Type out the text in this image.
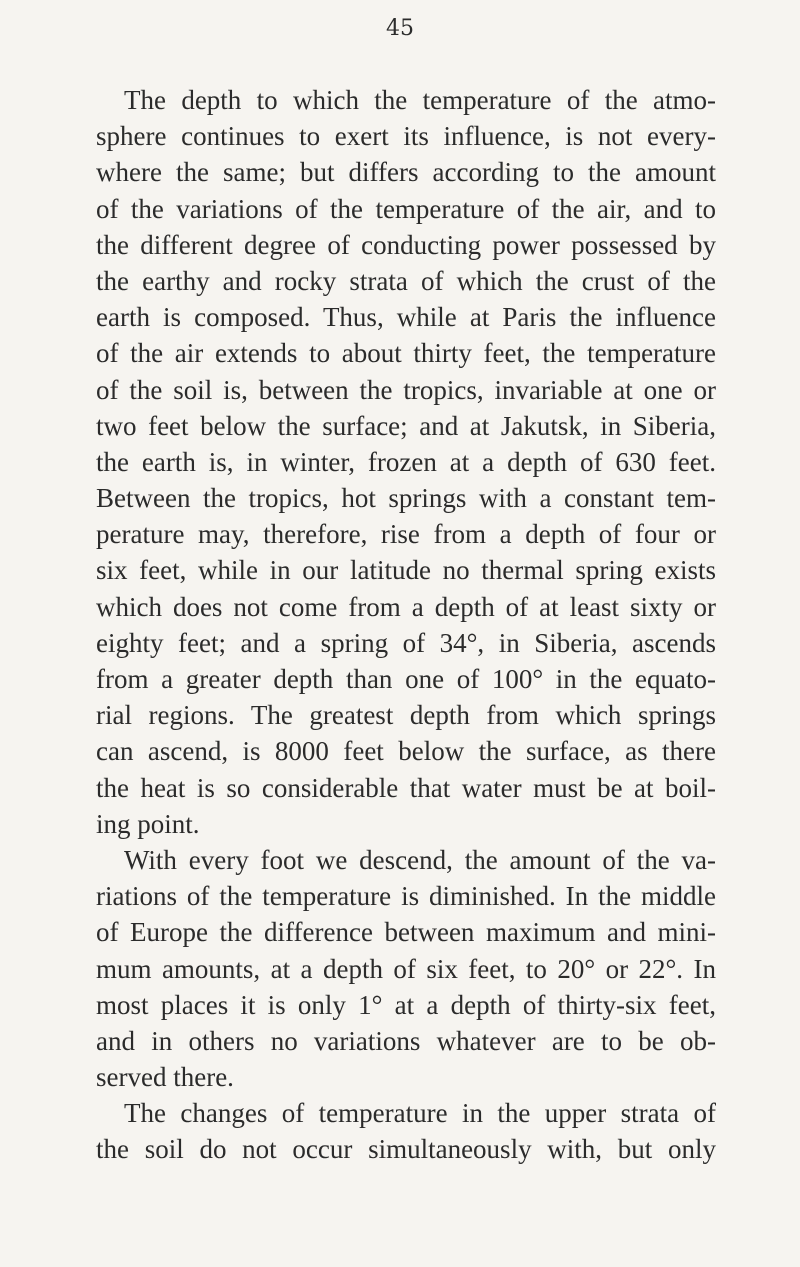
45
The depth to which the temperature of the atmo-
sphere continues to exert its influence, is not every-
where the same; but differs according to the amount
of the variations of the temperature of the air, and to
the different degree of conducting power possessed by
the earthy and rocky strata of which the crust of the
earth is composed. Thus, while at Paris the influence
of the air extends to about thirty feet, the temperature
of the soil is, between the tropics, invariable at one or
two feet below the surface; and at Jakutsk, in Siberia,
the earth is, in winter, frozen at a depth of 630 feet.
Between the tropics, hot springs with a constant tem-
perature may, therefore, rise from a depth of four or
six feet, while in our latitude no thermal spring exists
which does not come from a depth of at least sixty or
eighty feet; and a spring of 34°, in Siberia, ascends
from a greater depth than one of 100° in the equato-
rial regions. The greatest depth from which springs
can ascend, is 8000 feet below the surface, as there
the heat is so considerable that water must be at boil-
ing point.
With every foot we descend, the amount of the va-
riations of the temperature is diminished. In the middle
of Europe the difference between maximum and mini-
mum amounts, at a depth of six feet, to 20° or 22°. In
most places it is only 1° at a depth of thirty-six feet,
and in others no variations whatever are to be ob-
served there.
The changes of temperature in the upper strata of
the soil do not occur simultaneously with, but only
